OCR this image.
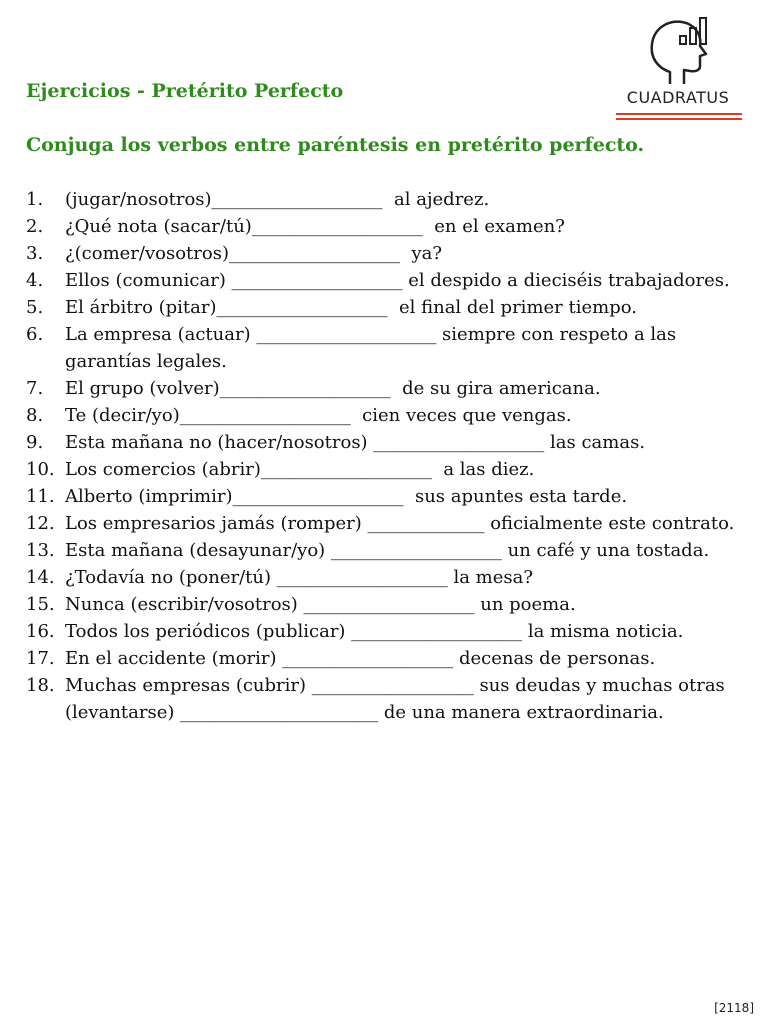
CUADRATUS
Ejercicios - Pretérito Perfecto
Conjuga los verbos entre paréntesis en pretérito perfecto.
1.	(jugar/nosotros)___________________  al ajedrez.
2.	¿Qué nota (sacar/tú)___________________  en el examen?
3.	¿(comer/vosotros)___________________  ya?
4.	Ellos (comunicar) ___________________ el despido a dieciséis trabajadores.
5.	El árbitro (pitar)___________________  el final del primer tiempo.
6.	La empresa (actuar) ____________________ siempre con respeto a las garantías legales.
7.	El grupo (volver)___________________  de su gira americana.
8.	Te (decir/yo)___________________  cien veces que vengas.
9.	Esta mañana no (hacer/nosotros) ___________________ las camas.
10. Los comercios (abrir)___________________  a las diez.
11. Alberto (imprimir)___________________  sus apuntes esta tarde.
12. Los empresarios jamás (romper) _____________ oficialmente este contrato.
13. Esta mañana (desayunar/yo) ___________________ un café y una tostada.
14. ¿Todavía no (poner/tú) ___________________ la mesa?
15. Nunca (escribir/vosotros) ___________________ un poema.
16. Todos los periódicos (publicar) ___________________ la misma noticia.
17. En el accidente (morir) ___________________ decenas de personas.
18. Muchas empresas (cubrir) __________________ sus deudas y muchas otras (levantarse) ______________________ de una manera extraordinaria.
[2118]
